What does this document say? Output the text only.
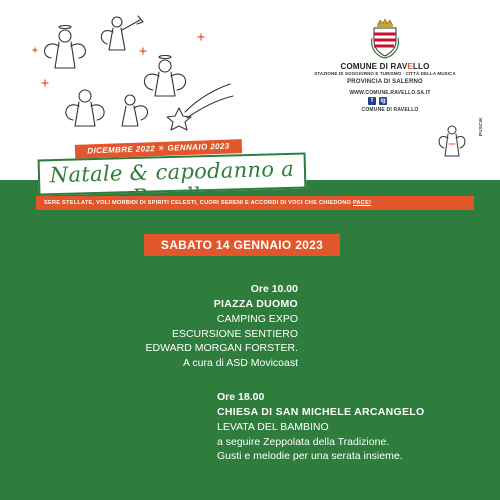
COMUNE DI RAVELLO
STAZIONE DI SOGGIORNO E TURISMO · CITTÀ DELLA MUSICA
PROVINCIA DI SALERNO
WWW.COMUNE.RAVELLO.SA.IT
f	ig
COMUNE DI RAVELLO
PUSCIK
DICEMBRE 2022 ✳ GENNAIO 2023
Natale & capodanno a
SERE STELLATE, VOLI MORBIDI DI SPIRITI CELESTI, CUORI SERENI E ACCORDI DI VOCI CHE CHIEDONO PACE!
SABATO 14 GENNAIO 2023
Ore 10.00
PIAZZA DUOMO
CAMPING EXPO
ESCURSIONE SENTIERO
EDWARD MORGAN FORSTER.
A cura di ASD Movicoast
Ore 18.00
CHIESA DI SAN MICHELE ARCANGELO
LEVATA DEL BAMBINO
a seguire Zeppolata della Tradizione.
Gusti e melodie per una serata insieme.
